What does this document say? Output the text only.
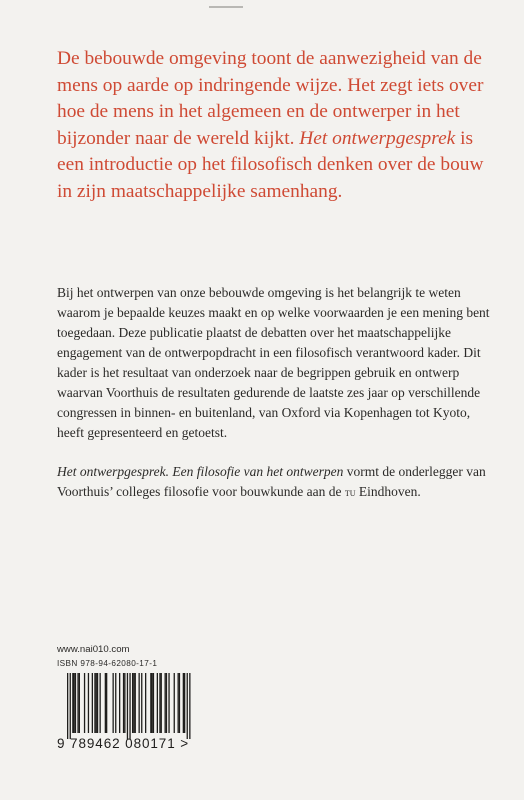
De bebouwde omgeving toont de aanwezigheid van de mens op aarde op indringende wijze. Het zegt iets over hoe de mens in het algemeen en de ontwerper in het bijzonder naar de wereld kijkt. Het ontwerpgesprek is een introductie op het filosofisch denken over de bouw in zijn maatschappelijke samenhang.

Bij het ontwerpen van onze bebouwde omgeving is het belangrijk te weten waarom je bepaalde keuzes maakt en op welke voorwaarden je een mening bent toegedaan. Deze publicatie plaatst de debatten over het maatschappelijke engagement van de ontwerpopdracht in een filosofisch verantwoord kader. Dit kader is het resultaat van onderzoek naar de begrippen gebruik en ontwerp waarvan Voorthuis de resultaten gedurende de laatste zes jaar op verschillende congressen in binnen- en buitenland, van Oxford via Kopenhagen tot Kyoto, heeft gepresenteerd en getoetst.

Het ontwerpgesprek. Een filosofie van het ontwerpen vormt de onderlegger van Voorthuis’ colleges filosofie voor bouwkunde aan de tu Eindhoven.

www.nai010.com
ISBN 978-94-62080-17-1
9 789462 080171 >
